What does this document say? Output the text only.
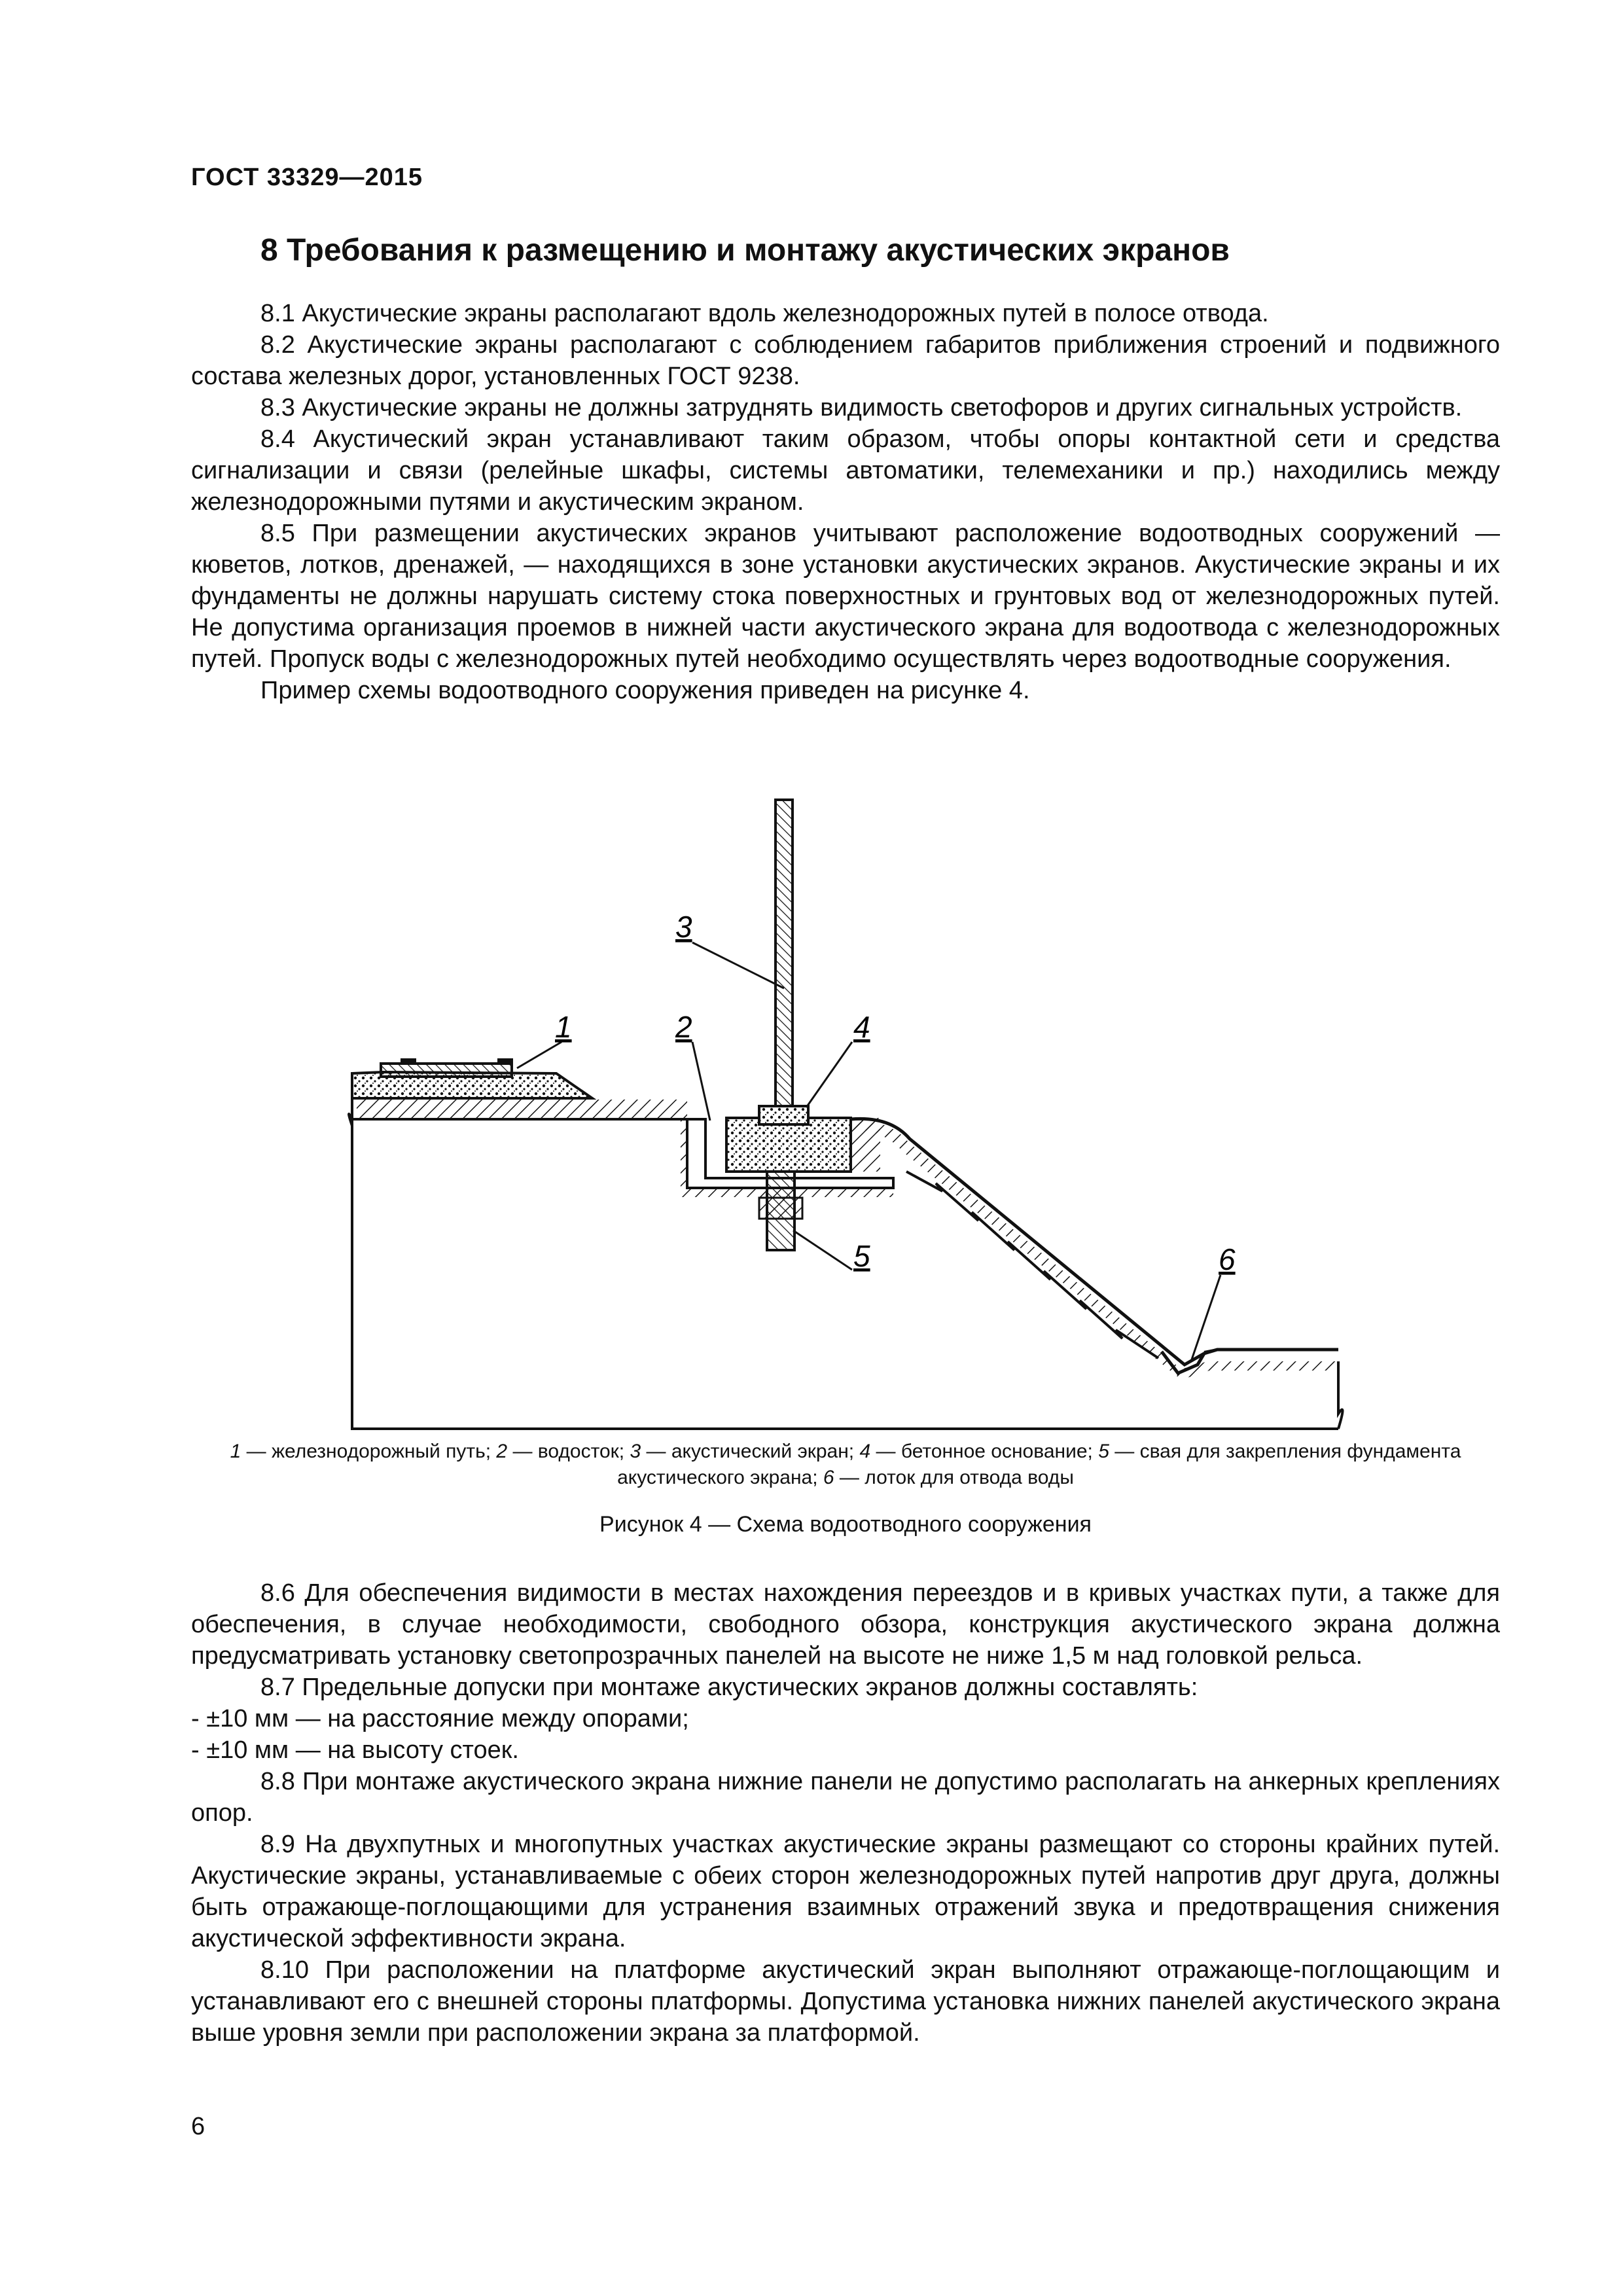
ГОСТ 33329—2015
8 Требования к размещению и монтажу акустических экранов

8.1 Акустические экраны располагают вдоль железнодорожных путей в полосе отвода.

8.2 Акустические экраны располагают с соблюдением габаритов приближения строений и подвижного состава железных дорог, установленных ГОСТ 9238.

8.3 Акустические экраны не должны затруднять видимость светофоров и других сигнальных устройств.

8.4 Акустический экран устанавливают таким образом, чтобы опоры контактной сети и средства сигнализации и связи (релейные шкафы, системы автоматики, телемеханики и пр.) находились между железнодорожными путями и акустическим экраном.

8.5 При размещении акустических экранов учитывают расположение водоотводных сооружений — кюветов, лотков, дренажей, — находящихся в зоне установки акустических экранов. Акустические экраны и их фундаменты не должны нарушать систему стока поверхностных и грунтовых вод от железнодорожных путей. Не допустима организация проемов в нижней части акустического экрана для водоотвода с железнодорожных путей. Пропуск воды с железнодорожных путей необходимо осуществлять через водоотводные сооружения.

Пример схемы водоотводного сооружения приведен на рисунке 4.

1	2
3
4
5	6
1 — железнодорожный путь; 2 — водосток; 3 — акустический экран; 4 — бетонное основание; 5 — свая для закрепления фундамента акустического экрана; 6 — лоток для отвода воды
Рисунок 4 — Схема водоотводного сооружения

8.6 Для обеспечения видимости в местах нахождения переездов и в кривых участках пути, а также для обеспечения, в случае необходимости, свободного обзора, конструкция акустического экрана должна предусматривать установку светопрозрачных панелей на высоте не ниже 1,5 м над головкой рельса.

8.7 Предельные допуски при монтаже акустических экранов должны составлять:

- ±10 мм — на расстояние между опорами;

- ±10 мм — на высоту стоек.

8.8 При монтаже акустического экрана нижние панели не допустимо располагать на анкерных креплениях опор.

8.9 На двухпутных и многопутных участках акустические экраны размещают со стороны крайних путей. Акустические экраны, устанавливаемые с обеих сторон железнодорожных путей напротив друг друга, должны быть отражающе-поглощающими для устранения взаимных отражений звука и предотвращения снижения акустической эффективности экрана.

8.10 При расположении на платформе акустический экран выполняют отражающе-поглощающим и устанавливают его с внешней стороны платформы. Допустима установка нижних панелей акустического экрана выше уровня земли при расположении экрана за платформой.

6
